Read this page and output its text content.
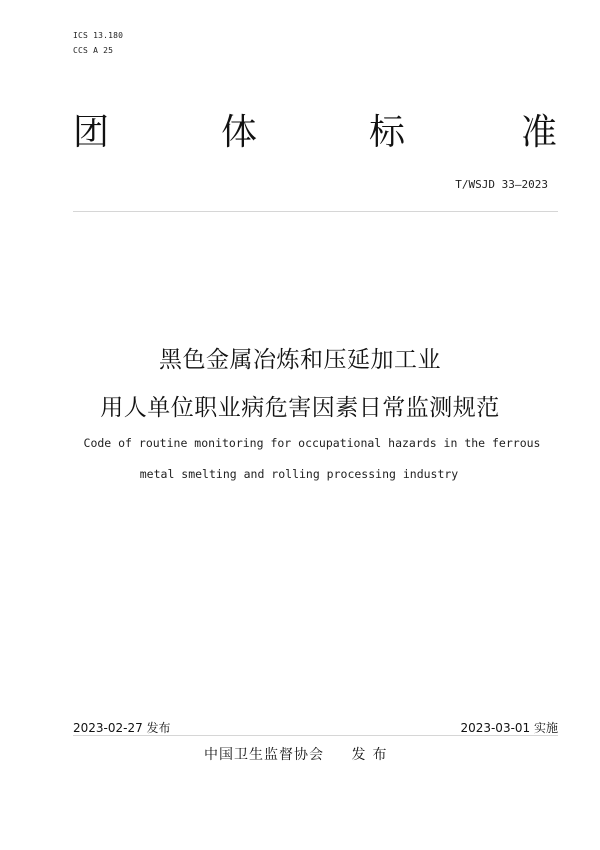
ICS 13.180
CCS A 25
团	体	标	准
T/WSJD 33—2023
黑色金属冶炼和压延加工业
用人单位职业病危害因素日常监测规范
Code of routine monitoring for occupational hazards in the ferrous
metal smelting and rolling processing industry
2023-02-27 发布	2023-03-01 实施
中国卫生监督协会 发布
